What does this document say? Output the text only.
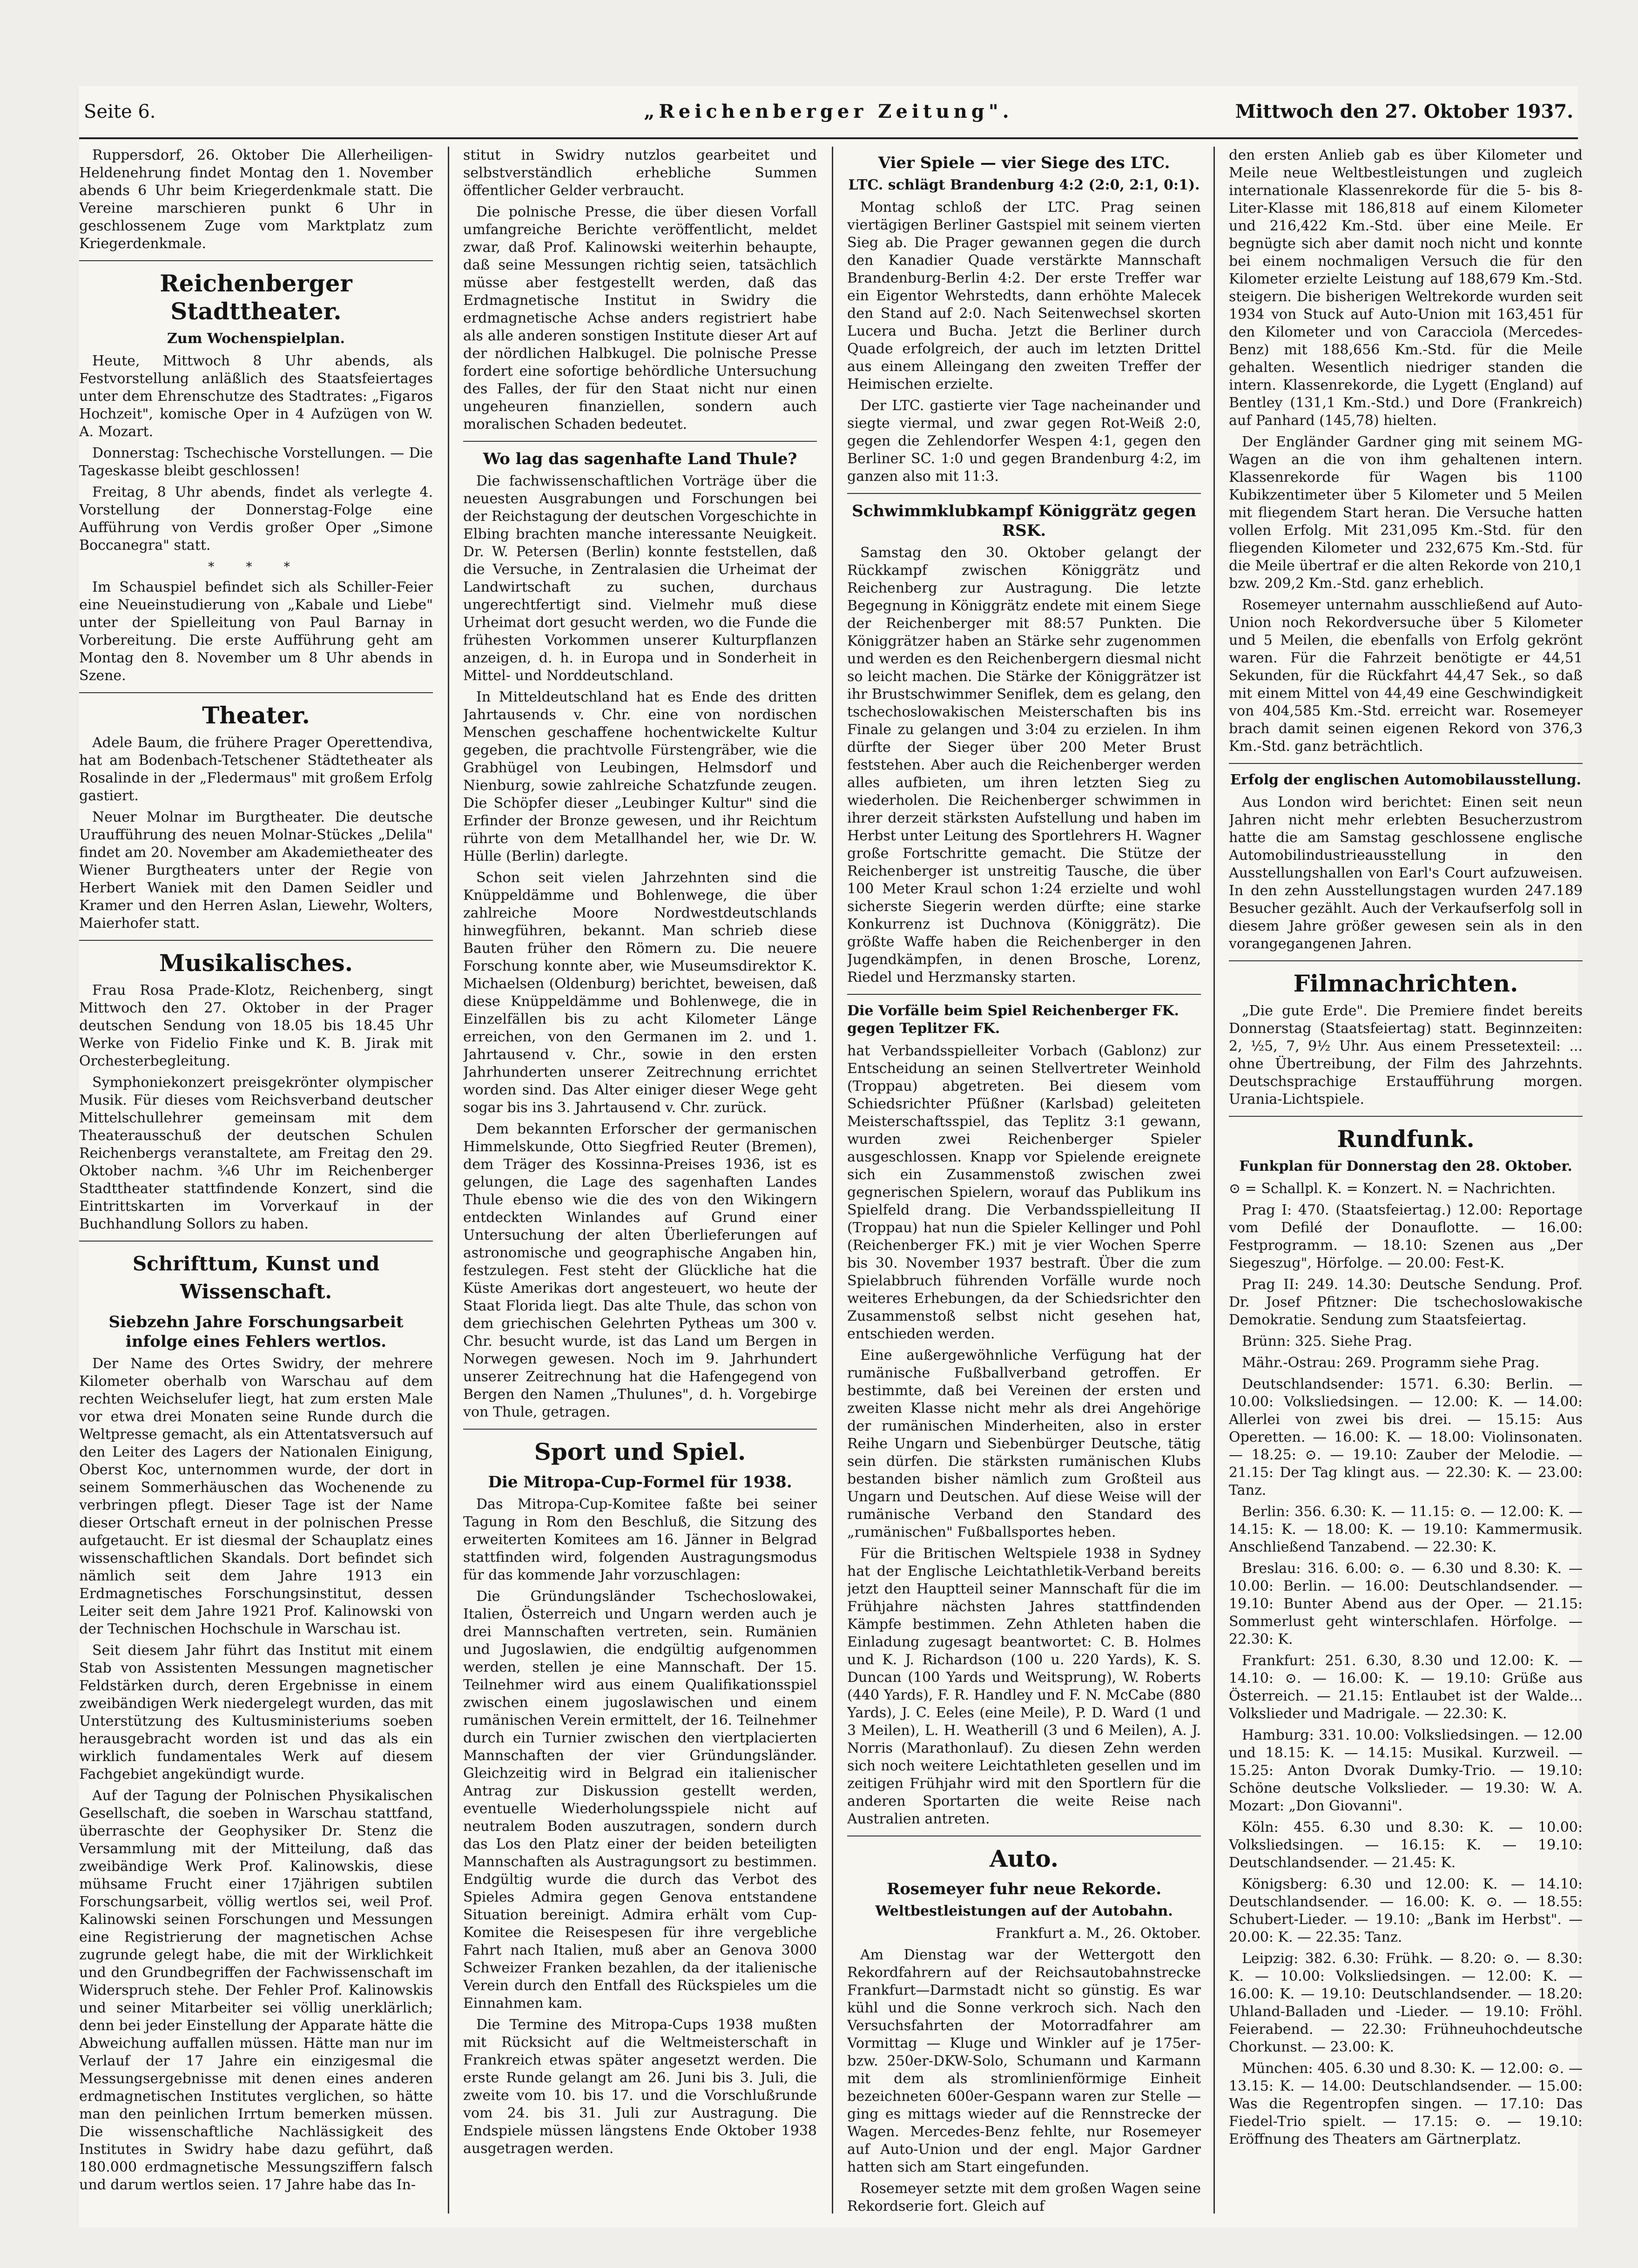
Seite 6.	„Reichenberger Zeitung".	Mittwoch den 27. Oktober 1937.

Ruppersdorf, 26. Oktober Die Allerheiligen-Heldenehrung findet Montag den 1. November abends 6 Uhr beim Kriegerdenkmale statt. Die Vereine marschieren punkt 6 Uhr in geschlossenem Zuge vom Marktplatz zum Kriegerdenkmale.

Reichenberger Stadttheater.
Zum Wochenspielplan.

Heute, Mittwoch 8 Uhr abends, als Festvorstellung anläßlich des Staatsfeiertages unter dem Ehrenschutze des Stadtrates: „Figaros Hochzeit", komische Oper in 4 Aufzügen von W. A. Mozart.

Donnerstag: Tschechische Vorstellungen. — Die Tageskasse bleibt geschlossen!

Freitag, 8 Uhr abends, findet als verlegte 4. Vorstellung der Donnerstag-Folge eine Aufführung von Verdis großer Oper „Simone Boccanegra" statt.

* * *

Im Schauspiel befindet sich als Schiller-Feier eine Neueinstudierung von „Kabale und Liebe" unter der Spielleitung von Paul Barnay in Vorbereitung. Die erste Aufführung geht am Montag den 8. November um 8 Uhr abends in Szene.

Theater.

Adele Baum, die frühere Prager Operettendiva, hat am Bodenbach-Tetschener Städtetheater als Rosalinde in der „Fledermaus" mit großem Erfolg gastiert.

Neuer Molnar im Burgtheater. Die deutsche Uraufführung des neuen Molnar-Stückes „Delila" findet am 20. November am Akademietheater des Wiener Burgtheaters unter der Regie von Herbert Waniek mit den Damen Seidler und Kramer und den Herren Aslan, Liewehr, Wolters, Maierhofer statt.

Musikalisches.

Frau Rosa Prade-Klotz, Reichenberg, singt Mittwoch den 27. Oktober in der Prager deutschen Sendung von 18.05 bis 18.45 Uhr Werke von Fidelio Finke und K. B. Jirak mit Orchesterbegleitung.

Symphoniekonzert preisgekrönter olympischer Musik. Für dieses vom Reichsverband deutscher Mittelschullehrer gemeinsam mit dem Theaterausschuß der deutschen Schulen Reichenbergs veranstaltete, am Freitag den 29. Oktober nachm. ¾6 Uhr im Reichenberger Stadttheater stattfindende Konzert, sind die Eintrittskarten im Vorverkauf in der Buchhandlung Sollors zu haben.

Schrifttum, Kunst und Wissenschaft.
Siebzehn Jahre Forschungsarbeit infolge eines Fehlers wertlos.

Der Name des Ortes Swidry, der mehrere Kilometer oberhalb von Warschau auf dem rechten Weichselufer liegt, hat zum ersten Male vor etwa drei Monaten seine Runde durch die Weltpresse gemacht, als ein Attentatsversuch auf den Leiter des Lagers der Nationalen Einigung, Oberst Koc, unternommen wurde, der dort in seinem Sommerhäuschen das Wochenende zu verbringen pflegt. Dieser Tage ist der Name dieser Ortschaft erneut in der polnischen Presse aufgetaucht. Er ist diesmal der Schauplatz eines wissenschaftlichen Skandals. Dort befindet sich nämlich seit dem Jahre 1913 ein Erdmagnetisches Forschungsinstitut, dessen Leiter seit dem Jahre 1921 Prof. Kalinowski von der Technischen Hochschule in Warschau ist.

Seit diesem Jahr führt das Institut mit einem Stab von Assistenten Messungen magnetischer Feldstärken durch, deren Ergebnisse in einem zweibändigen Werk niedergelegt wurden, das mit Unterstützung des Kultusministeriums soeben herausgebracht worden ist und das als ein wirklich fundamentales Werk auf diesem Fachgebiet angekündigt wurde.

Auf der Tagung der Polnischen Physikalischen Gesellschaft, die soeben in Warschau stattfand, überraschte der Geophysiker Dr. Stenz die Versammlung mit der Mitteilung, daß das zweibändige Werk Prof. Kalinowskis, diese mühsame Frucht einer 17jährigen subtilen Forschungsarbeit, völlig wertlos sei, weil Prof. Kalinowski seinen Forschungen und Messungen eine Registrierung der magnetischen Achse zugrunde gelegt habe, die mit der Wirklichkeit und den Grundbegriffen der Fachwissenschaft im Widerspruch stehe. Der Fehler Prof. Kalinowskis und seiner Mitarbeiter sei völlig unerklärlich; denn bei jeder Einstellung der Apparate hätte die Abweichung auffallen müssen. Hätte man nur im Verlauf der 17 Jahre ein einzigesmal die Messungsergebnisse mit denen eines anderen erdmagnetischen Institutes verglichen, so hätte man den peinlichen Irrtum bemerken müssen. Die wissenschaftliche Nachlässigkeit des Institutes in Swidry habe dazu geführt, daß 180.000 erdmagnetische Messungsziffern falsch und darum wertlos seien. 17 Jahre habe das In-

stitut in Swidry nutzlos gearbeitet und selbstverständlich erhebliche Summen öffentlicher Gelder verbraucht.

Die polnische Presse, die über diesen Vorfall umfangreiche Berichte veröffentlicht, meldet zwar, daß Prof. Kalinowski weiterhin behaupte, daß seine Messungen richtig seien, tatsächlich müsse aber festgestellt werden, daß das Erdmagnetische Institut in Swidry die erdmagnetische Achse anders registriert habe als alle anderen sonstigen Institute dieser Art auf der nördlichen Halbkugel. Die polnische Presse fordert eine sofortige behördliche Untersuchung des Falles, der für den Staat nicht nur einen ungeheuren finanziellen, sondern auch moralischen Schaden bedeutet.

Wo lag das sagenhafte Land Thule?

Die fachwissenschaftlichen Vorträge über die neuesten Ausgrabungen und Forschungen bei der Reichstagung der deutschen Vorgeschichte in Elbing brachten manche interessante Neuigkeit. Dr. W. Petersen (Berlin) konnte feststellen, daß die Versuche, in Zentralasien die Urheimat der Landwirtschaft zu suchen, durchaus ungerechtfertigt sind. Vielmehr muß diese Urheimat dort gesucht werden, wo die Funde die frühesten Vorkommen unserer Kulturpflanzen anzeigen, d. h. in Europa und in Sonderheit in Mittel- und Norddeutschland.

In Mitteldeutschland hat es Ende des dritten Jahrtausends v. Chr. eine von nordischen Menschen geschaffene hochentwickelte Kultur gegeben, die prachtvolle Fürstengräber, wie die Grabhügel von Leubingen, Helmsdorf und Nienburg, sowie zahlreiche Schatzfunde zeugen. Die Schöpfer dieser „Leubinger Kultur" sind die Erfinder der Bronze gewesen, und ihr Reichtum rührte von dem Metallhandel her, wie Dr. W. Hülle (Berlin) darlegte.

Schon seit vielen Jahrzehnten sind die Knüppeldämme und Bohlenwege, die über zahlreiche Moore Nordwestdeutschlands hinwegführen, bekannt. Man schrieb diese Bauten früher den Römern zu. Die neuere Forschung konnte aber, wie Museumsdirektor K. Michaelsen (Oldenburg) berichtet, beweisen, daß diese Knüppeldämme und Bohlenwege, die in Einzelfällen bis zu acht Kilometer Länge erreichen, von den Germanen im 2. und 1. Jahrtausend v. Chr., sowie in den ersten Jahrhunderten unserer Zeitrechnung errichtet worden sind. Das Alter einiger dieser Wege geht sogar bis ins 3. Jahrtausend v. Chr. zurück.

Dem bekannten Erforscher der germanischen Himmelskunde, Otto Siegfried Reuter (Bremen), dem Träger des Kossinna-Preises 1936, ist es gelungen, die Lage des sagenhaften Landes Thule ebenso wie die des von den Wikingern entdeckten Winlandes auf Grund einer Untersuchung der alten Überlieferungen auf astronomische und geographische Angaben hin, festzulegen. Fest steht der Glückliche hat die Küste Amerikas dort angesteuert, wo heute der Staat Florida liegt. Das alte Thule, das schon von dem griechischen Gelehrten Pytheas um 300 v. Chr. besucht wurde, ist das Land um Bergen in Norwegen gewesen. Noch im 9. Jahrhundert unserer Zeitrechnung hat die Hafengegend von Bergen den Namen „Thulunes", d. h. Vorgebirge von Thule, getragen.

Sport und Spiel.
Die Mitropa-Cup-Formel für 1938.

Das Mitropa-Cup-Komitee faßte bei seiner Tagung in Rom den Beschluß, die Sitzung des erweiterten Komitees am 16. Jänner in Belgrad stattfinden wird, folgenden Austragungsmodus für das kommende Jahr vorzuschlagen:

Die Gründungsländer Tschechoslowakei, Italien, Österreich und Ungarn werden auch je drei Mannschaften vertreten, sein. Rumänien und Jugoslawien, die endgültig aufgenommen werden, stellen je eine Mannschaft. Der 15. Teilnehmer wird aus einem Qualifikationsspiel zwischen einem jugoslawischen und einem rumänischen Verein ermittelt, der 16. Teilnehmer durch ein Turnier zwischen den viertplacierten Mannschaften der vier Gründungsländer. Gleichzeitig wird in Belgrad ein italienischer Antrag zur Diskussion gestellt werden, eventuelle Wiederholungsspiele nicht auf neutralem Boden auszutragen, sondern durch das Los den Platz einer der beiden beteiligten Mannschaften als Austragungsort zu bestimmen. Endgültig wurde die durch das Verbot des Spieles Admira gegen Genova entstandene Situation bereinigt. Admira erhält vom Cup-Komitee die Reisespesen für ihre vergebliche Fahrt nach Italien, muß aber an Genova 3000 Schweizer Franken bezahlen, da der italienische Verein durch den Entfall des Rückspieles um die Einnahmen kam.

Die Termine des Mitropa-Cups 1938 mußten mit Rücksicht auf die Weltmeisterschaft in Frankreich etwas später angesetzt werden. Die erste Runde gelangt am 26. Juni bis 3. Juli, die zweite vom 10. bis 17. und die Vorschlußrunde vom 24. bis 31. Juli zur Austragung. Die Endspiele müssen längstens Ende Oktober 1938 ausgetragen werden.

Vier Spiele — vier Siege des LTC.
LTC. schlägt Brandenburg 4:2 (2:0, 2:1, 0:1).

Montag schloß der LTC. Prag seinen viertägigen Berliner Gastspiel mit seinem vierten Sieg ab. Die Prager gewannen gegen die durch den Kanadier Quade verstärkte Mannschaft Brandenburg-Berlin 4:2. Der erste Treffer war ein Eigentor Wehrstedts, dann erhöhte Malecek den Stand auf 2:0. Nach Seitenwechsel skorten Lucera und Bucha. Jetzt die Berliner durch Quade erfolgreich, der auch im letzten Drittel aus einem Alleingang den zweiten Treffer der Heimischen erzielte.

Der LTC. gastierte vier Tage nacheinander und siegte viermal, und zwar gegen Rot-Weiß 2:0, gegen die Zehlendorfer Wespen 4:1, gegen den Berliner SC. 1:0 und gegen Brandenburg 4:2, im ganzen also mit 11:3.

Schwimmklubkampf Königgrätz gegen RSK.

Samstag den 30. Oktober gelangt der Rückkampf zwischen Königgrätz und Reichenberg zur Austragung. Die letzte Begegnung in Königgrätz endete mit einem Siege der Reichenberger mit 88:57 Punkten. Die Königgrätzer haben an Stärke sehr zugenommen und werden es den Reichenbergern diesmal nicht so leicht machen. Die Stärke der Königgrätzer ist ihr Brustschwimmer Seniflek, dem es gelang, den tschechoslowakischen Meisterschaften bis ins Finale zu gelangen und 3:04 zu erzielen. In ihm dürfte der Sieger über 200 Meter Brust feststehen. Aber auch die Reichenberger werden alles aufbieten, um ihren letzten Sieg zu wiederholen. Die Reichenberger schwimmen in ihrer derzeit stärksten Aufstellung und haben im Herbst unter Leitung des Sportlehrers H. Wagner große Fortschritte gemacht. Die Stütze der Reichenberger ist unstreitig Tausche, die über 100 Meter Kraul schon 1:24 erzielte und wohl sicherste Siegerin werden dürfte; eine starke Konkurrenz ist Duchnova (Königgrätz). Die größte Waffe haben die Reichenberger in den Jugendkämpfen, in denen Brosche, Lorenz, Riedel und Herzmansky starten.

Die Vorfälle beim Spiel Reichenberger FK. gegen Teplitzer FK.

hat Verbandsspielleiter Vorbach (Gablonz) zur Entscheidung an seinen Stellvertreter Weinhold (Troppau) abgetreten. Bei diesem vom Schiedsrichter Pfüßner (Karlsbad) geleiteten Meisterschaftsspiel, das Teplitz 3:1 gewann, wurden zwei Reichenberger Spieler ausgeschlossen. Knapp vor Spielende ereignete sich ein Zusammenstoß zwischen zwei gegnerischen Spielern, worauf das Publikum ins Spielfeld drang. Die Verbandsspielleitung II (Troppau) hat nun die Spieler Kellinger und Pohl (Reichenberger FK.) mit je vier Wochen Sperre bis 30. November 1937 bestraft. Über die zum Spielabbruch führenden Vorfälle wurde noch weiteres Erhebungen, da der Schiedsrichter den Zusammenstoß selbst nicht gesehen hat, entschieden werden.

Eine außergewöhnliche Verfügung hat der rumänische Fußballverband getroffen. Er bestimmte, daß bei Vereinen der ersten und zweiten Klasse nicht mehr als drei Angehörige der rumänischen Minderheiten, also in erster Reihe Ungarn und Siebenbürger Deutsche, tätig sein dürfen. Die stärksten rumänischen Klubs bestanden bisher nämlich zum Großteil aus Ungarn und Deutschen. Auf diese Weise will der rumänische Verband den Standard des „rumänischen" Fußballsportes heben.

Für die Britischen Weltspiele 1938 in Sydney hat der Englische Leichtathletik-Verband bereits jetzt den Hauptteil seiner Mannschaft für die im Frühjahre nächsten Jahres stattfindenden Kämpfe bestimmen. Zehn Athleten haben die Einladung zugesagt beantwortet: C. B. Holmes und K. J. Richardson (100 u. 220 Yards), K. S. Duncan (100 Yards und Weitsprung), W. Roberts (440 Yards), F. R. Handley und F. N. McCabe (880 Yards), J. C. Eeles (eine Meile), P. D. Ward (1 und 3 Meilen), L. H. Weatherill (3 und 6 Meilen), A. J. Norris (Marathonlauf). Zu diesen Zehn werden sich noch weitere Leichtathleten gesellen und im zeitigen Frühjahr wird mit den Sportlern für die anderen Sportarten die weite Reise nach Australien antreten.

Auto.
Rosemeyer fuhr neue Rekorde.
Weltbestleistungen auf der Autobahn.

Frankfurt a. M., 26. Oktober.

Am Dienstag war der Wettergott den Rekordfahrern auf der Reichsautobahnstrecke Frankfurt—Darmstadt nicht so günstig. Es war kühl und die Sonne verkroch sich. Nach den Versuchsfahrten der Motorradfahrer am Vormittag — Kluge und Winkler auf je 175er- bzw. 250er-DKW-Solo, Schumann und Karmann mit dem als stromlinienförmige Einheit bezeichneten 600er-Gespann waren zur Stelle — ging es mittags wieder auf die Rennstrecke der Wagen. Mercedes-Benz fehlte, nur Rosemeyer auf Auto-Union und der engl. Major Gardner hatten sich am Start eingefunden.

Rosemeyer setzte mit dem großen Wagen seine Rekordserie fort. Gleich auf

den ersten Anlieb gab es über Kilometer und Meile neue Weltbestleistungen und zugleich internationale Klassenrekorde für die 5- bis 8-Liter-Klasse mit 186,818 auf einem Kilometer und 216,422 Km.-Std. über eine Meile. Er begnügte sich aber damit noch nicht und konnte bei einem nochmaligen Versuch die für den Kilometer erzielte Leistung auf 188,679 Km.-Std. steigern. Die bisherigen Weltrekorde wurden seit 1934 von Stuck auf Auto-Union mit 163,451 für den Kilometer und von Caracciola (Mercedes-Benz) mit 188,656 Km.-Std. für die Meile gehalten. Wesentlich niedriger standen die intern. Klassenrekorde, die Lygett (England) auf Bentley (131,1 Km.-Std.) und Dore (Frankreich) auf Panhard (145,78) hielten.

Der Engländer Gardner ging mit seinem MG-Wagen an die von ihm gehaltenen intern. Klassenrekorde für Wagen bis 1100 Kubikzentimeter über 5 Kilometer und 5 Meilen mit fliegendem Start heran. Die Versuche hatten vollen Erfolg. Mit 231,095 Km.-Std. für den fliegenden Kilometer und 232,675 Km.-Std. für die Meile übertraf er die alten Rekorde von 210,1 bzw. 209,2 Km.-Std. ganz erheblich.

Rosemeyer unternahm ausschließend auf Auto-Union noch Rekordversuche über 5 Kilometer und 5 Meilen, die ebenfalls von Erfolg gekrönt waren. Für die Fahrzeit benötigte er 44,51 Sekunden, für die Rückfahrt 44,47 Sek., so daß mit einem Mittel von 44,49 eine Geschwindigkeit von 404,585 Km.-Std. erreicht war. Rosemeyer brach damit seinen eigenen Rekord von 376,3 Km.-Std. ganz beträchtlich.

Erfolg der englischen Automobilausstellung.

Aus London wird berichtet: Einen seit neun Jahren nicht mehr erlebten Besucherzustrom hatte die am Samstag geschlossene englische Automobilindustrieausstellung in den Ausstellungshallen von Earl's Court aufzuweisen. In den zehn Ausstellungstagen wurden 247.189 Besucher gezählt. Auch der Verkaufserfolg soll in diesem Jahre größer gewesen sein als in den vorangegangenen Jahren.

Filmnachrichten.

„Die gute Erde". Die Premiere findet bereits Donnerstag (Staatsfeiertag) statt. Beginnzeiten: 2, ½5, 7, 9½ Uhr. Aus einem Pressetexteil: ... ohne Übertreibung, der Film des Jahrzehnts. Deutschsprachige Erstaufführung morgen. Urania-Lichtspiele.

Rundfunk.
Funkplan für Donnerstag den 28. Oktober.

⊙ = Schallpl. K. = Konzert. N. = Nachrichten.

Prag I: 470. (Staatsfeiertag.) 12.00: Reportage vom Defilé der Donauflotte. — 16.00: Festprogramm. — 18.10: Szenen aus „Der Siegeszug", Hörfolge. — 20.00: Fest-K.

Prag II: 249. 14.30: Deutsche Sendung. Prof. Dr. Josef Pfitzner: Die tschechoslowakische Demokratie. Sendung zum Staatsfeiertag.

Brünn: 325. Siehe Prag.

Mähr.-Ostrau: 269. Programm siehe Prag.

Deutschlandsender: 1571. 6.30: Berlin. — 10.00: Volksliedsingen. — 12.00: K. — 14.00: Allerlei von zwei bis drei. — 15.15: Aus Operetten. — 16.00: K. — 18.00: Violinsonaten. — 18.25: ⊙. — 19.10: Zauber der Melodie. — 21.15: Der Tag klingt aus. — 22.30: K. — 23.00: Tanz.

Berlin: 356. 6.30: K. — 11.15: ⊙. — 12.00: K. — 14.15: K. — 18.00: K. — 19.10: Kammermusik. Anschließend Tanzabend. — 22.30: K.

Breslau: 316. 6.00: ⊙. — 6.30 und 8.30: K. — 10.00: Berlin. — 16.00: Deutschlandsender. — 19.10: Bunter Abend aus der Oper. — 21.15: Sommerlust geht winterschlafen. Hörfolge. — 22.30: K.

Frankfurt: 251. 6.30, 8.30 und 12.00: K. — 14.10: ⊙. — 16.00: K. — 19.10: Grüße aus Österreich. — 21.15: Entlaubet ist der Walde... Volkslieder und Madrigale. — 22.30: K.

Hamburg: 331. 10.00: Volksliedsingen. — 12.00 und 18.15: K. — 14.15: Musikal. Kurzweil. — 15.25: Anton Dvorak Dumky-Trio. — 19.10: Schöne deutsche Volkslieder. — 19.30: W. A. Mozart: „Don Giovanni".

Köln: 455. 6.30 und 8.30: K. — 10.00: Volksliedsingen. — 16.15: K. — 19.10: Deutschlandsender. — 21.45: K.

Königsberg: 6.30 und 12.00: K. — 14.10: Deutschlandsender. — 16.00: K. ⊙. — 18.55: Schubert-Lieder. — 19.10: „Bank im Herbst". — 20.00: K. — 22.35: Tanz.

Leipzig: 382. 6.30: Frühk. — 8.20: ⊙. — 8.30: K. — 10.00: Volksliedsingen. — 12.00: K. — 16.00: K. — 19.10: Deutschlandsender. — 18.20: Uhland-Balladen und -Lieder. — 19.10: Fröhl. Feierabend. — 22.30: Frühneuhochdeutsche Chorkunst. — 23.00: K.

München: 405. 6.30 und 8.30: K. — 12.00: ⊙. — 13.15: K. — 14.00: Deutschlandsender. — 15.00: Was die Regentropfen singen. — 17.10: Das Fiedel-Trio spielt. — 17.15: ⊙. — 19.10: Eröffnung des Theaters am Gärtnerplatz.
